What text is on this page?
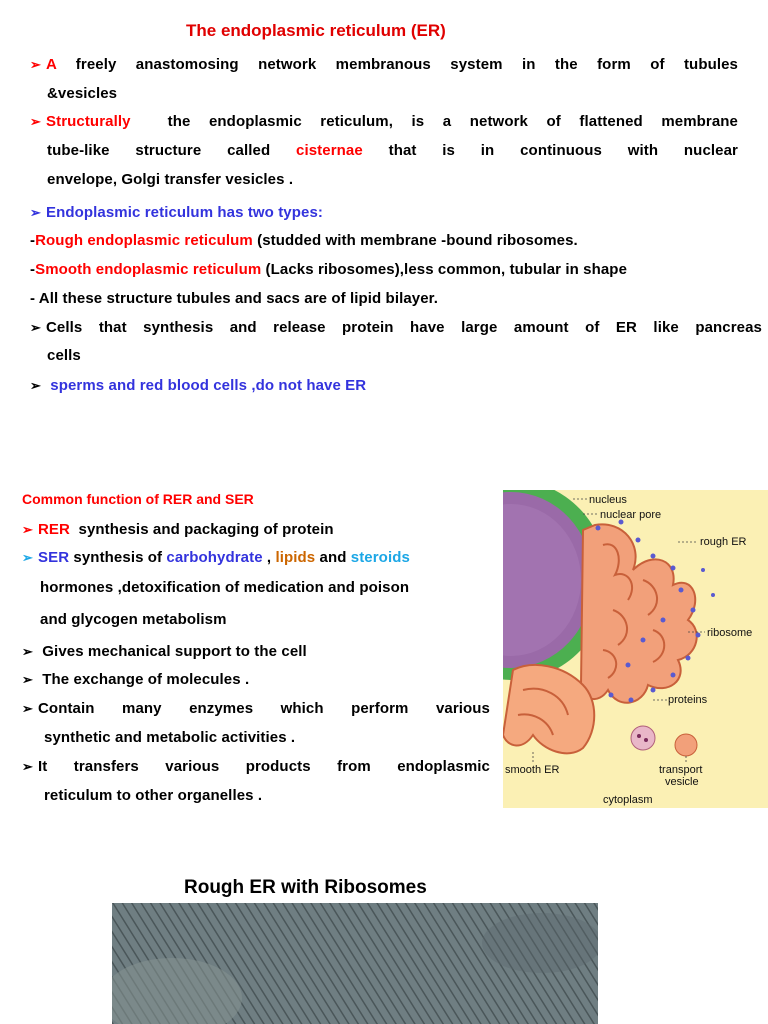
The endoplasmic reticulum (ER)
➢ A freely anastomosing network membranous system in the form of tubules
&vesicles
➢ Structurally the endoplasmic reticulum, is a network of flattened membrane
tube-like structure called cisternae that is in continuous with nuclear
envelope, Golgi transfer vesicles .
➢ Endoplasmic reticulum has two types:
-Rough endoplasmic reticulum (studded with membrane -bound ribosomes.
-Smooth endoplasmic reticulum (Lacks ribosomes),less common, tubular in shape
- All these structure tubules and sacs are of lipid bilayer.
➢ Cells that synthesis and release protein have large amount of ER like pancreas
cells
➢ sperms and red blood cells ,do not have ER
Common function of RER and SER
➢ RER synthesis and packaging of protein
➢ SER synthesis of carbohydrate , lipids and steroids
hormones ,detoxification of medication and poison
and glycogen metabolism
➢ Gives mechanical support to the cell
➢ The exchange of molecules .
➢ Contain many enzymes which perform various
synthetic and metabolic activities .
➢ It transfers various products from endoplasmic
reticulum to other organelles .
nucleus
nuclear pore
rough ER
ribosome
proteins
smooth ER	transport
vesicle
cytoplasm
Rough ER with Ribosomes
